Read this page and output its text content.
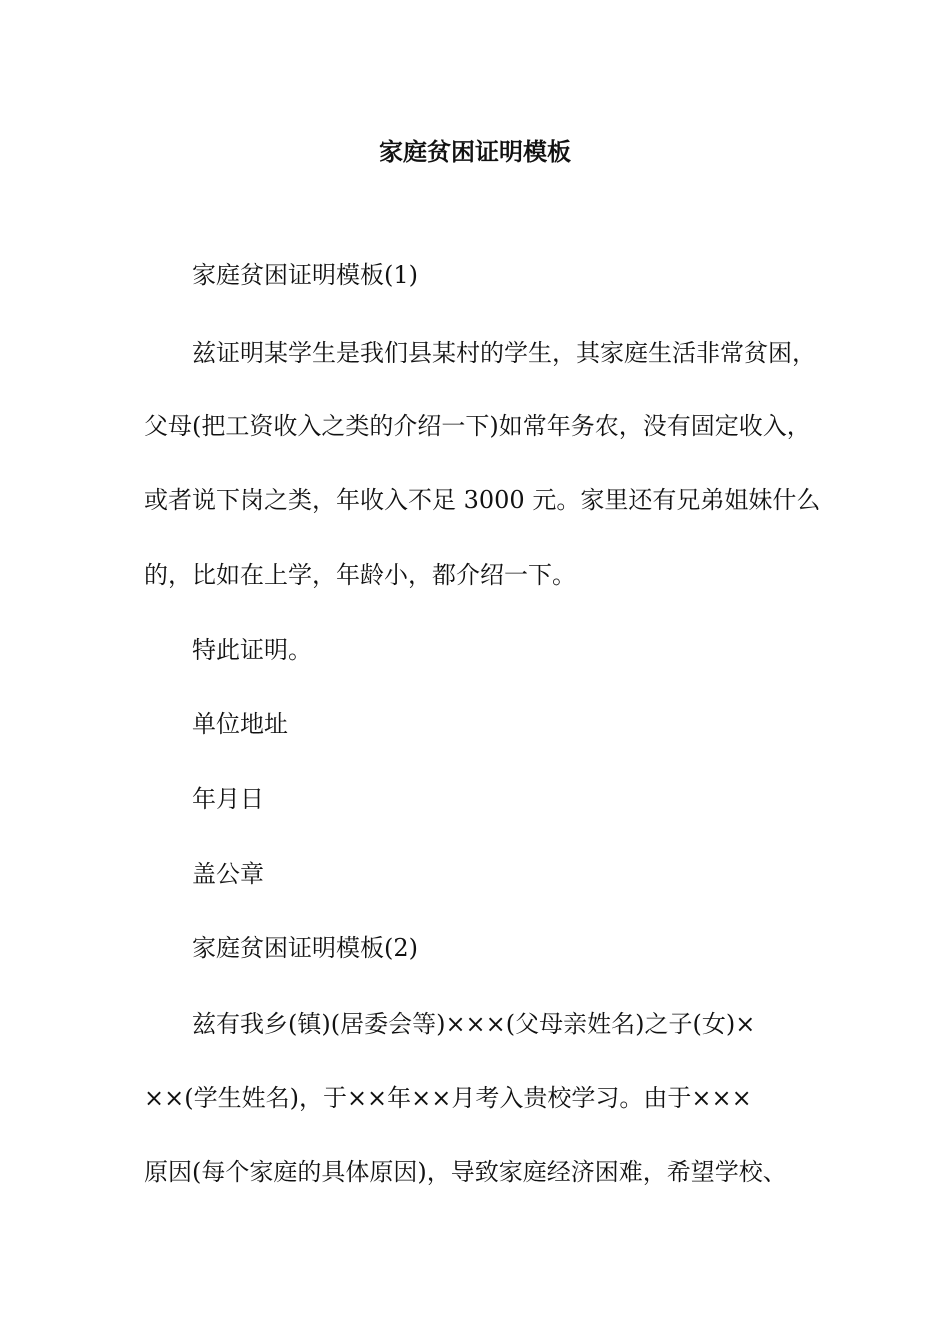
家庭贫困证明模板
家庭贫困证明模板(1)
兹证明某学生是我们县某村的学生，其家庭生活非常贫困，
父母(把工资收入之类的介绍一下)如常年务农，没有固定收入，
或者说下岗之类，年收入不足 3000 元。家里还有兄弟姐妹什么
的，比如在上学，年龄小，都介绍一下。
特此证明。
单位地址
年月日
盖公章
家庭贫困证明模板(2)
兹有我乡(镇)(居委会等)×××(父母亲姓名)之子(女)×
××(学生姓名)，于××年××月考入贵校学习。由于×××
原因(每个家庭的具体原因)，导致家庭经济困难，希望学校、
